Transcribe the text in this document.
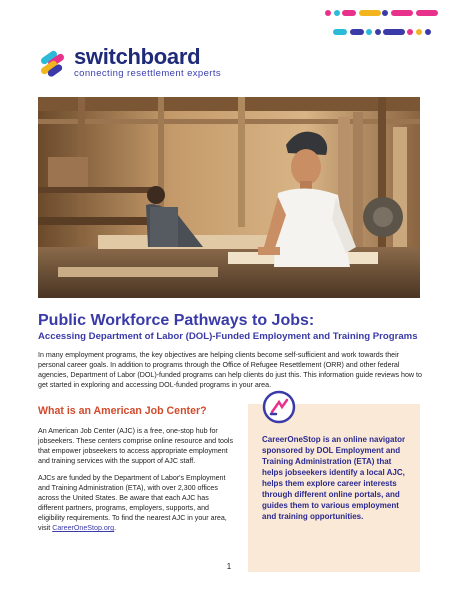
switchboard
connecting resettlement experts
Public Workforce Pathways to Jobs:
Accessing Department of Labor (DOL)-Funded Employment and Training Programs

In many employment programs, the key objectives are helping clients become self-sufficient and work towards their personal career goals. In addition to programs through the Office of Refugee Resettlement (ORR) and other federal agencies, Department of Labor (DOL)-funded programs can help clients do just this. This information guide reviews how to get started in exploring and accessing DOL-funded programs in your area.

What is an American Job Center?

An American Job Center (AJC) is a free, one-stop hub for jobseekers. These centers comprise online resource and tools that empower jobseekers to access appropriate employment and training services with the support of AJC staff.

AJCs are funded by the Department of Labor's Employment and Training Administration (ETA), with over 2,300 offices across the United States. Be aware that each AJC has different partners, programs, employers, supports, and eligibility requirements. To find the nearest AJC in your area, visit CareerOneStop.org.

CareerOneStop is an online navigator sponsored by DOL Employment and Training Administration (ETA) that helps jobseekers identify a local AJC, helps them explore career interests through different online portals, and guides them to various employment and training opportunities.

1
